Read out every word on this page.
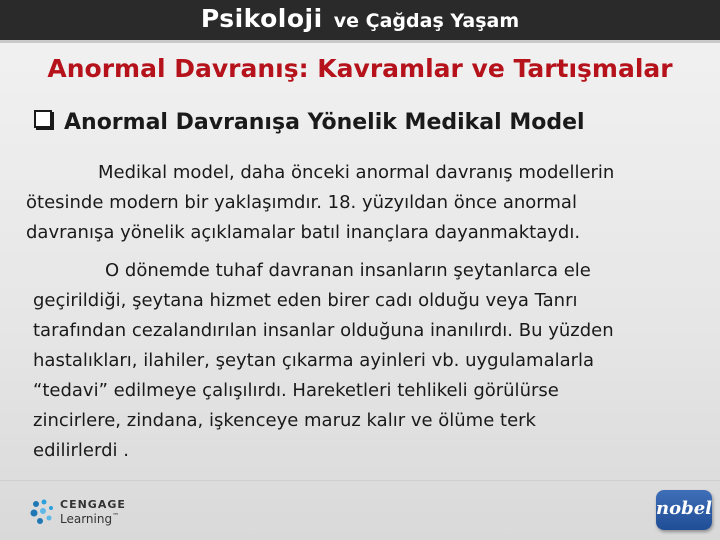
Psikoloji ve Çağdaş Yaşam
Anormal Davranış: Kavramlar ve Tartışmalar
Anormal Davranışa Yönelik Medikal Model
Medikal model, daha önceki anormal davranış modellerin
ötesinde modern bir yaklaşımdır. 18. yüzyıldan önce anormal
davranışa yönelik açıklamalar batıl inançlara dayanmaktaydı.
O dönemde tuhaf davranan insanların şeytanlarca ele
geçirildiği, şeytana hizmet eden birer cadı olduğu veya Tanrı
tarafından cezalandırılan insanlar olduğuna inanılırdı. Bu yüzden
hastalıkları, ilahiler, şeytan çıkarma ayinleri vb. uygulamalarla
“tedavi” edilmeye çalışılırdı. Hareketleri tehlikeli görülürse
zincirlere, zindana, işkenceye maruz kalır ve ölüme terk
edilirlerdi .
CENGAGE
Learning™	nobel
